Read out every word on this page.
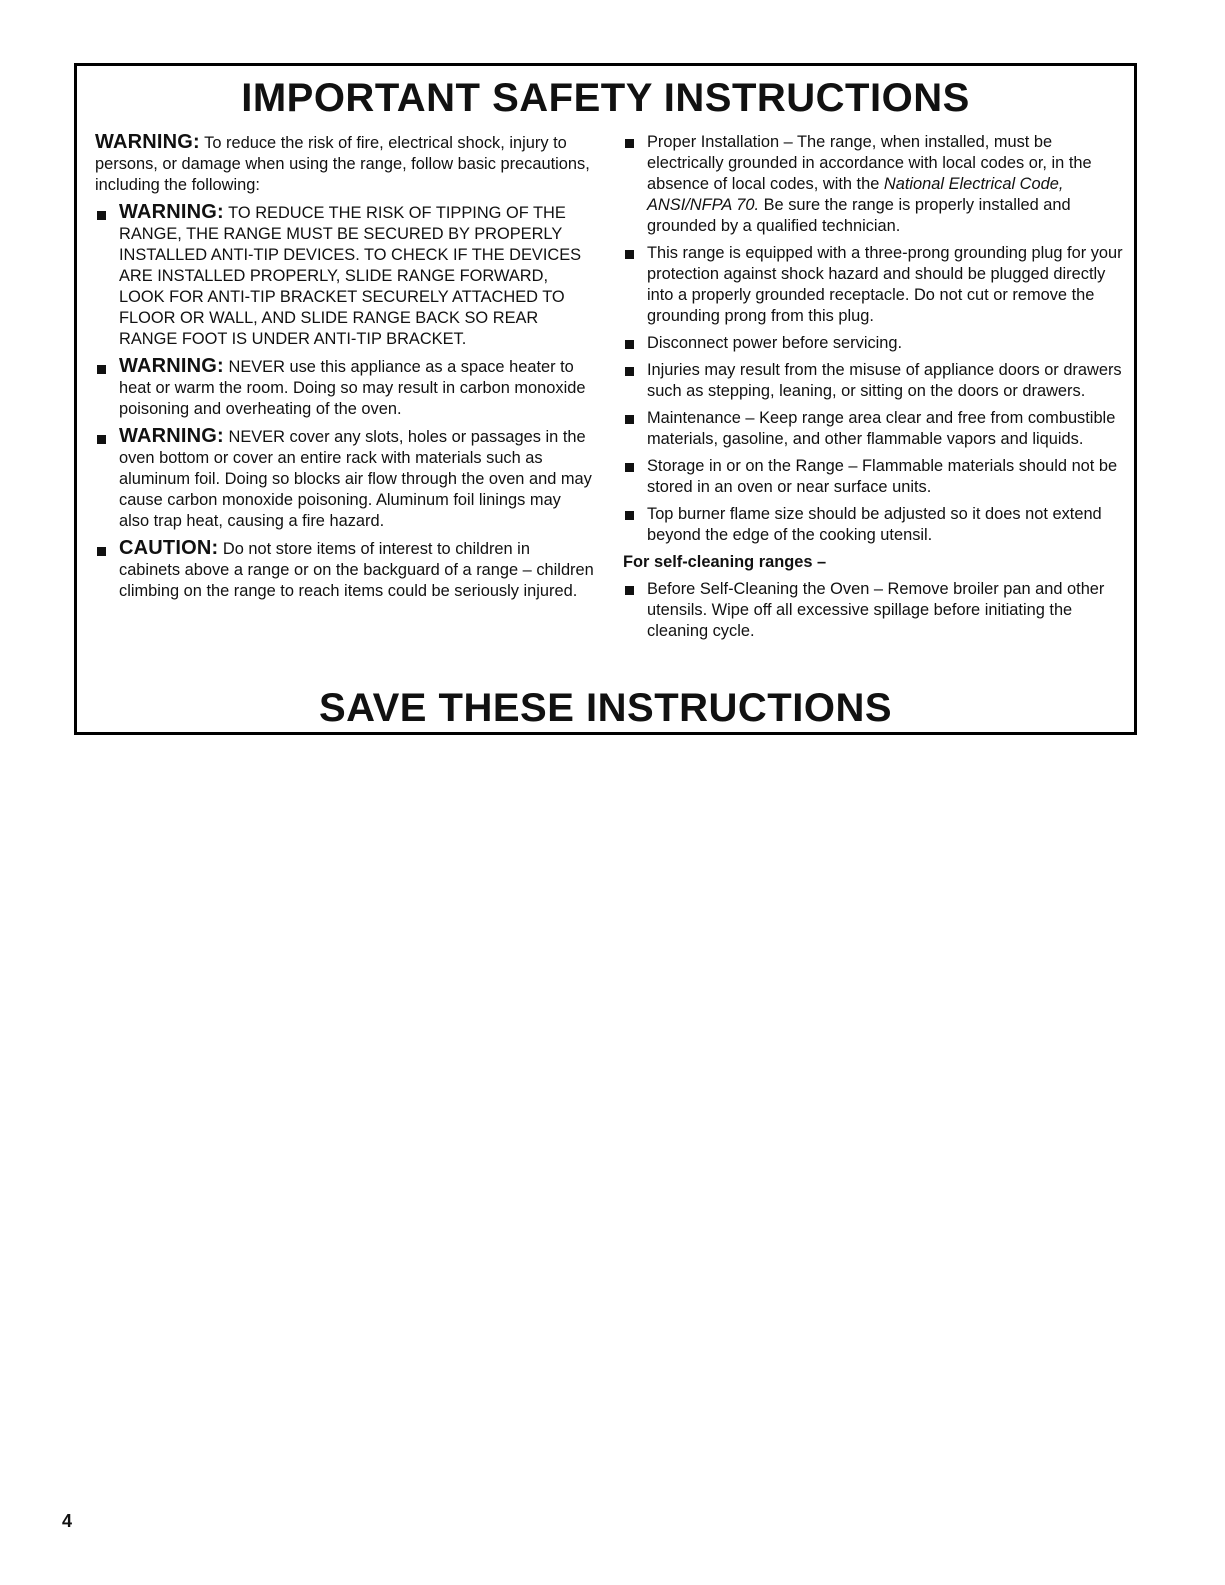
IMPORTANT SAFETY INSTRUCTIONS

WARNING: To reduce the risk of fire, electrical shock, injury to persons, or damage when using the range, follow basic precautions, including the following:

WARNING: TO REDUCE THE RISK OF TIPPING OF THE RANGE, THE RANGE MUST BE SECURED BY PROPERLY INSTALLED ANTI-TIP DEVICES. TO CHECK IF THE DEVICES ARE INSTALLED PROPERLY, SLIDE RANGE FORWARD, LOOK FOR ANTI-TIP BRACKET SECURELY ATTACHED TO FLOOR OR WALL, AND SLIDE RANGE BACK SO REAR RANGE FOOT IS UNDER ANTI-TIP BRACKET.
WARNING: NEVER use this appliance as a space heater to heat or warm the room. Doing so may result in carbon monoxide poisoning and overheating of the oven.
WARNING: NEVER cover any slots, holes or passages in the oven bottom or cover an entire rack with materials such as aluminum foil. Doing so blocks air flow through the oven and may cause carbon monoxide poisoning. Aluminum foil linings may also trap heat, causing a fire hazard.
CAUTION: Do not store items of interest to children in cabinets above a range or on the backguard of a range – children climbing on the range to reach items could be seriously injured.
Proper Installation – The range, when installed, must be electrically grounded in accordance with local codes or, in the absence of local codes, with the National Electrical Code, ANSI/NFPA 70. Be sure the range is properly installed and grounded by a qualified technician.
This range is equipped with a three-prong grounding plug for your protection against shock hazard and should be plugged directly into a properly grounded receptacle. Do not cut or remove the grounding prong from this plug.
Disconnect power before servicing.
Injuries may result from the misuse of appliance doors or drawers such as stepping, leaning, or sitting on the doors or drawers.
Maintenance – Keep range area clear and free from combustible materials, gasoline, and other flammable vapors and liquids.
Storage in or on the Range – Flammable materials should not be stored in an oven or near surface units.
Top burner flame size should be adjusted so it does not extend beyond the edge of the cooking utensil.

For self-cleaning ranges –

Before Self-Cleaning the Oven – Remove broiler pan and other utensils. Wipe off all excessive spillage before initiating the cleaning cycle.
SAVE THESE INSTRUCTIONS
4
